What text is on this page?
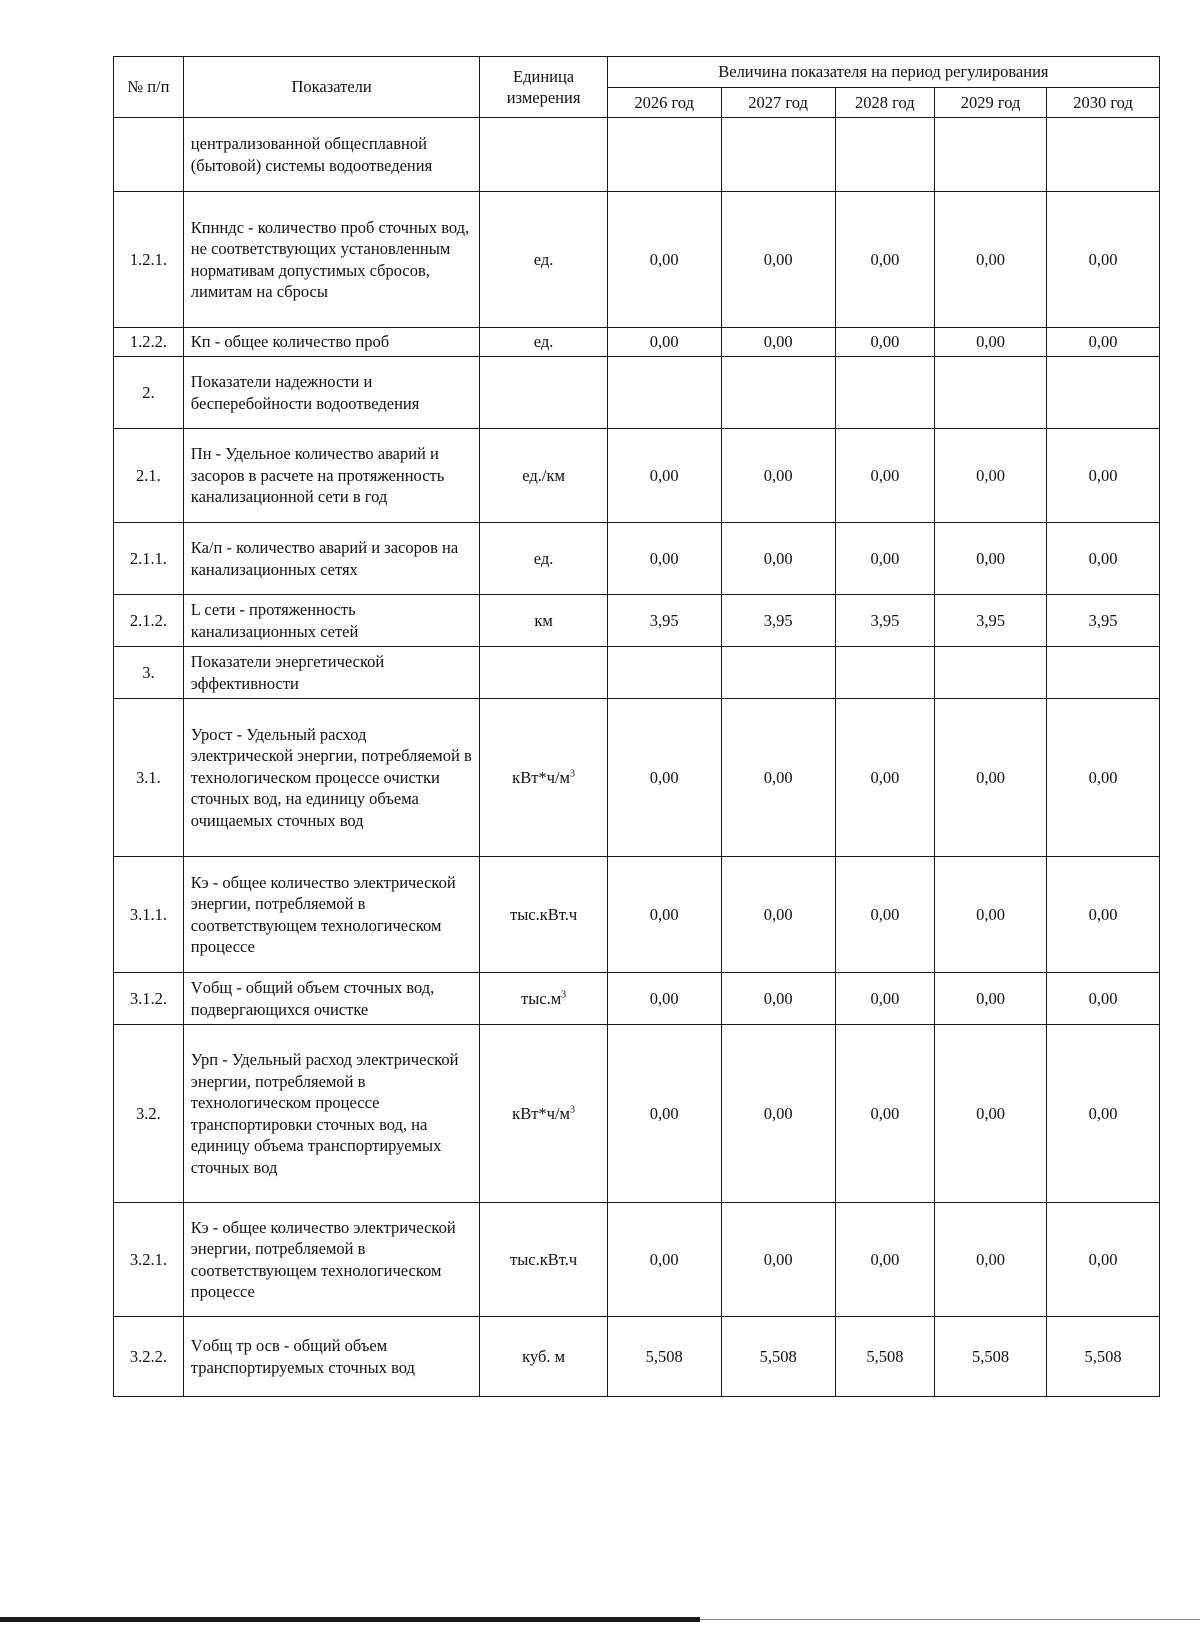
№ п/п	Показатели	Единица измерения	Величина показателя на период регулирования				
			2026 год	2027 год	2028 год	2029 год	2030 год
	централизованной общесплавной (бытовой) системы водоотведения						
1.2.1.	Кпнндс - количество проб сточных вод, не соответствующих установленным нормативам допустимых сбросов, лимитам на сбросы	ед.	0,00	0,00	0,00	0,00	0,00
1.2.2.	Кп - общее количество проб	ед.	0,00	0,00	0,00	0,00	0,00
2.	Показатели надежности и бесперебойности водоотведения						
2.1.	Пн - Удельное количество аварий и засоров в расчете на протяженность канализационной сети в год	ед./км	0,00	0,00	0,00	0,00	0,00
2.1.1.	Ка/п - количество аварий и засоров на канализационных сетях	ед.	0,00	0,00	0,00	0,00	0,00
2.1.2.	L сети - протяженность канализационных сетей	км	3,95	3,95	3,95	3,95	3,95
3.	Показатели энергетической эффективности						
3.1.	Урост - Удельный расход электрической энергии, потребляемой в технологическом процессе очистки сточных вод, на единицу объема очищаемых сточных вод	$кВт*ч/м^3$	0,00	0,00	0,00	0,00	0,00
3.1.1.	Кэ - общее количество электрической энергии, потребляемой в соответствующем технологическом процессе	тыс.кВт.ч	0,00	0,00	0,00	0,00	0,00
3.1.2.	Vобщ - общий объем сточных вод, подвергающихся очистке	$тыс.м^3$	0,00	0,00	0,00	0,00	0,00
3.2.	Урп - Удельный расход электрической энергии, потребляемой в технологическом процессе транспортировки сточных вод, на единицу объема транспортируемых сточных вод	$кВт*ч/м^3$	0,00	0,00	0,00	0,00	0,00
3.2.1.	Кэ - общее количество электрической энергии, потребляемой в соответствующем технологическом процессе	тыс.кВт.ч	0,00	0,00	0,00	0,00	0,00
3.2.2.	Vобщ тр осв - общий объем транспортируемых сточных вод	куб. м	5,508	5,508	5,508	5,508	5,508
